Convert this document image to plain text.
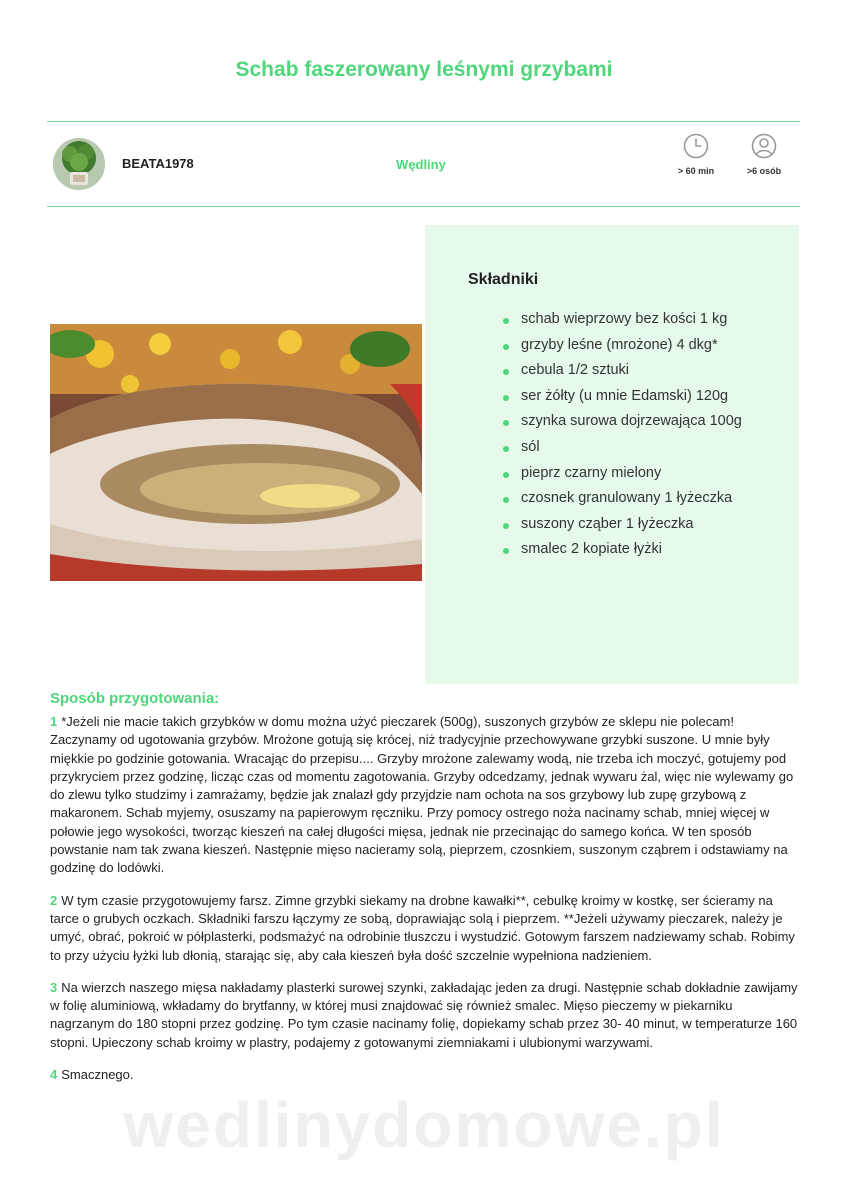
Schab faszerowany leśnymi grzybami
BEATA1978	Wędliny	> 60 min	>6 osób
Składniki
schab wieprzowy bez kości 1 kg
grzyby leśne (mrożone) 4 dkg*
cebula 1/2 sztuki
ser żółty (u mnie Edamski) 120g
szynka surowa dojrzewająca 100g
sól
pieprz czarny mielony
czosnek granulowany 1 łyżeczka
suszony cząber 1 łyżeczka
smalec 2 kopiate łyżki
Sposób przygotowania:

1 *Jeżeli nie macie takich grzybków w domu można użyć pieczarek (500g), suszonych grzybów ze sklepu nie polecam! Zaczynamy od ugotowania grzybów. Mrożone gotują się krócej, niż tradycyjnie przechowywane grzybki suszone. U mnie były miękkie po godzinie gotowania. Wracając do przepisu.... Grzyby mrożone zalewamy wodą, nie trzeba ich moczyć, gotujemy pod przykryciem przez godzinę, licząc czas od momentu zagotowania. Grzyby odcedzamy, jednak wywaru żal, więc nie wylewamy go do zlewu tylko studzimy i zamrażamy, będzie jak znalazł gdy przyjdzie nam ochota na sos grzybowy lub zupę grzybową z makaronem. Schab myjemy, osuszamy na papierowym ręczniku. Przy pomocy ostrego noża nacinamy schab, mniej więcej w połowie jego wysokości, tworząc kieszeń na całej długości mięsa, jednak nie przecinając do samego końca. W ten sposób powstanie nam tak zwana kieszeń. Następnie mięso nacieramy solą, pieprzem, czosnkiem, suszonym cząbrem i odstawiamy na godzinę do lodówki.

2 W tym czasie przygotowujemy farsz. Zimne grzybki siekamy na drobne kawałki**, cebulkę kroimy w kostkę, ser ścieramy na tarce o grubych oczkach. Składniki farszu łączymy ze sobą, doprawiając solą i pieprzem. **Jeżeli używamy pieczarek, należy je umyć, obrać, pokroić w półplasterki, podsmażyć na odrobinie tłuszczu i wystudzić. Gotowym farszem nadziewamy schab. Robimy to przy użyciu łyżki lub dłonią, starając się, aby cała kieszeń była dość szczelnie wypełniona nadzieniem.

3 Na wierzch naszego mięsa nakładamy plasterki surowej szynki, zakładając jeden za drugi. Następnie schab dokładnie zawijamy w folię aluminiową, wkładamy do brytfanny, w której musi znajdować się również smalec. Mięso pieczemy w piekarniku nagrzanym do 180 stopni przez godzinę. Po tym czasie nacinamy folię, dopiekamy schab przez 30- 40 minut, w temperaturze 160 stopni. Upieczony schab kroimy w plastry, podajemy z gotowanymi ziemniakami i ulubionymi warzywami.

4 Smacznego.

wedlinydomowe.pl
